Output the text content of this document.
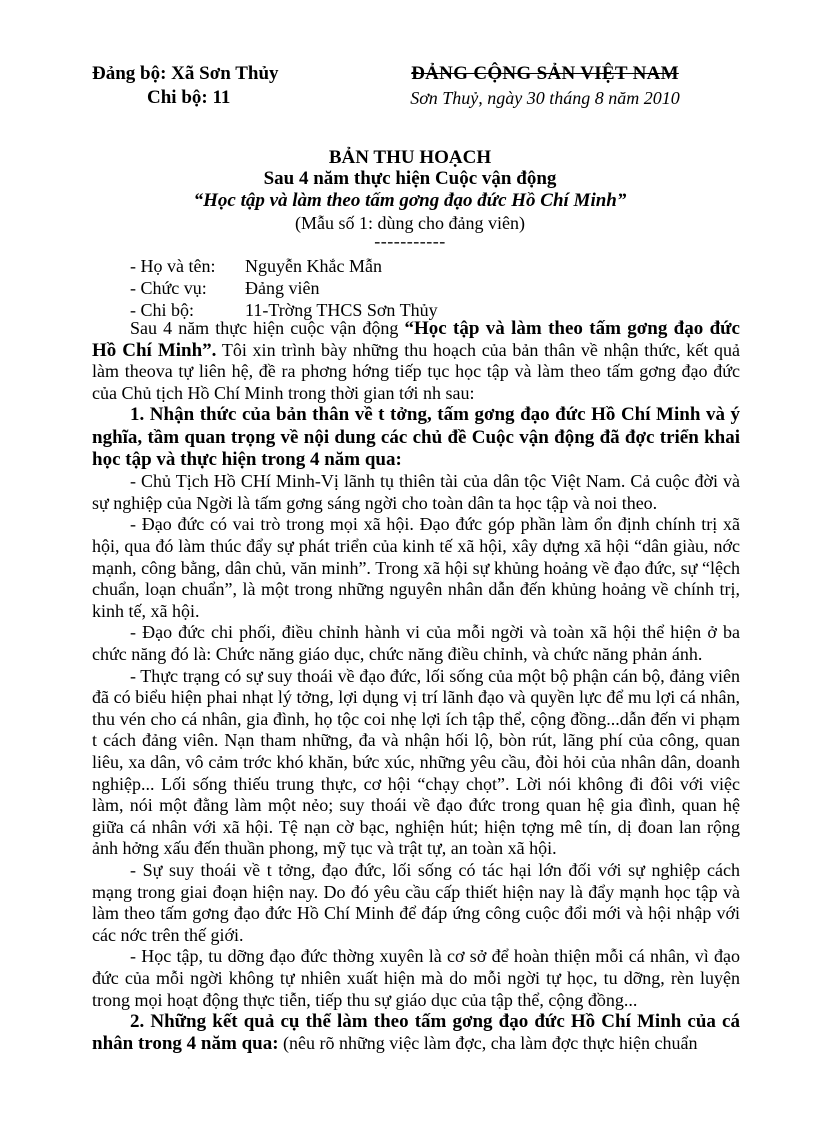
Đảng bộ: Xã Sơn Thủy
Chi bộ: 11
ĐẢNG CỘNG SẢN VIỆT NAM
Sơn Thuỷ, ngày 30 tháng 8 năm 2010
BẢN THU HOẠCH
Sau 4 năm thực hiện Cuộc vận động
“Học tập và làm theo tấm gơng đạo đức Hồ Chí Minh”
(Mẫu số 1: dùng cho đảng viên)
-----------
- Họ và tên:	Nguyễn Khắc Mẫn
- Chức vụ:	Đảng viên
- Chi bộ:	11-Trờng THCS Sơn Thủy

Sau 4 năm thực hiện cuộc vận động “Học tập và làm theo tấm gơng đạo đức Hồ Chí Minh”. Tôi xin trình bày những thu hoạch của bản thân về nhận thức, kết quả làm theova tự liên hệ, đề ra phơng hớng tiếp tục học tập và làm theo tấm gơng đạo đức của Chủ tịch Hồ Chí Minh trong thời gian tới nh sau:

1. Nhận thức của bản thân về t tởng, tấm gơng đạo đức Hồ Chí Minh và ý nghĩa, tầm quan trọng về nội dung các chủ đề Cuộc vận động đã đợc triển khai học tập và thực hiện trong 4 năm qua:

- Chủ Tịch Hồ CHí Minh-Vị lãnh tụ thiên tài của dân tộc Việt Nam. Cả cuộc đời và sự nghiệp của Ngời là tấm gơng sáng ngời cho toàn dân ta học tập và noi theo.

- Đạo đức có vai trò trong mọi xã hội. Đạo đức góp phần làm ổn định chính trị xã hội, qua đó làm thúc đẩy sự phát triển của kinh tế xã hội, xây dựng xã hội “dân giàu, nớc mạnh, công bằng, dân chủ, văn minh”. Trong xã hội sự khủng hoảng về đạo đức, sự “lệch chuẩn, loạn chuẩn”, là một trong những nguyên nhân dẫn đến khủng hoảng về chính trị, kinh tế, xã hội.

- Đạo đức chi phối, điều chỉnh hành vi của mỗi ngời và toàn xã hội thể hiện ở ba chức năng đó là: Chức năng giáo dục, chức năng điều chỉnh, và chức năng phản ánh.

- Thực trạng có sự suy thoái về đạo đức, lối sống của một bộ phận cán bộ, đảng viên đã có biểu hiện phai nhạt lý tởng, lợi dụng vị trí lãnh đạo và quyền lực để mu lợi cá nhân, thu vén cho cá nhân, gia đình, họ tộc coi nhẹ lợi ích tập thể, cộng đồng...dẫn đến vi phạm t cách đảng viên. Nạn tham những, đa và nhận hối lộ, bòn rút, lãng phí của công, quan liêu, xa dân, vô cảm trớc khó khăn, bức xúc, những yêu cầu, đòi hỏi của nhân dân, doanh nghiệp... Lối sống thiếu trung thực, cơ hội “chạy chọt”. Lời nói không đi đôi với việc làm, nói một đằng làm một nẻo; suy thoái về đạo đức trong quan hệ gia đình, quan hệ giữa cá nhân với xã hội. Tệ nạn cờ bạc, nghiện hút; hiện tợng mê tín, dị đoan lan rộng ảnh hởng xấu đến thuần phong, mỹ tục và trật tự, an toàn xã hội.

- Sự suy thoái về t tởng, đạo đức, lối sống có tác hại lớn đối với sự nghiệp cách mạng trong giai đoạn hiện nay. Do đó yêu cầu cấp thiết hiện nay là đẩy mạnh học tập và làm theo tấm gơng đạo đức Hồ Chí Minh để đáp ứng công cuộc đổi mới và hội nhập với các nớc trên thế giới.

- Học tập, tu dỡng đạo đức thờng xuyên là cơ sở để hoàn thiện mỗi cá nhân, vì đạo đức của mỗi ngời không tự nhiên xuất hiện mà do mỗi ngời tự học, tu dỡng, rèn luyện trong mọi hoạt động thực tiễn, tiếp thu sự giáo dục của tập thể, cộng đồng...

2. Những kết quả cụ thể làm theo tấm gơng đạo đức Hồ Chí Minh của cá nhân trong 4 năm qua: (nêu rõ những việc làm đợc, cha làm đợc thực hiện chuẩn
